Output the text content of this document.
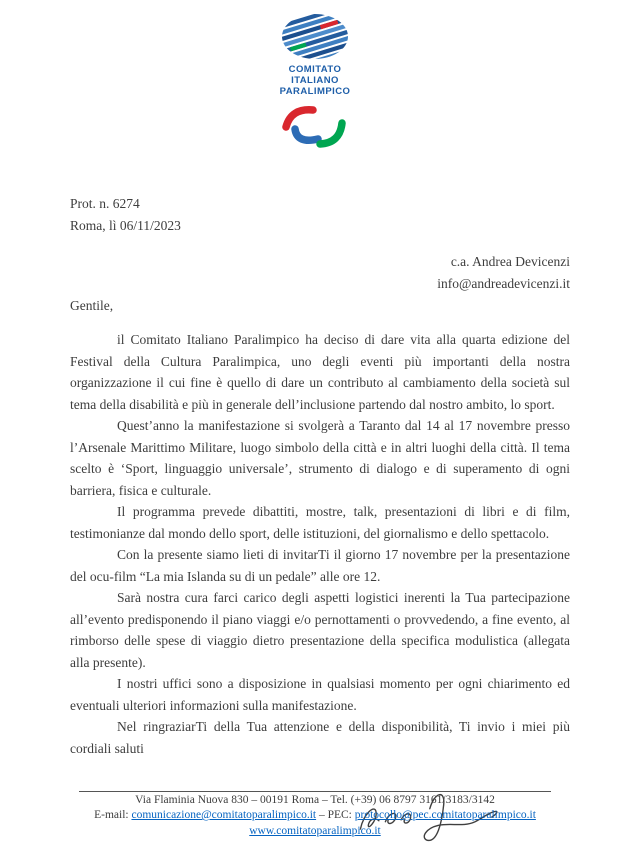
COMITATO
ITALIANO
PARALIMPICO
Prot. n. 6274
Roma, lì 06/11/2023
c.a. Andrea Devicenzi
info@andreadevicenzi.it
Gentile,

il Comitato Italiano Paralimpico ha deciso di dare vita alla quarta edizione del Festival della Cultura Paralimpica, uno degli eventi più importanti della nostra organizzazione il cui fine è quello di dare un contributo al cambiamento della società sul tema della disabilità e più in generale dell’inclusione partendo dal nostro ambito, lo sport.

Quest’anno la manifestazione si svolgerà a Taranto dal 14 al 17 novembre presso l’Arsenale Marittimo Militare, luogo simbolo della città e in altri luoghi della città. Il tema scelto è ‘Sport, linguaggio universale’, strumento di dialogo e di superamento di ogni barriera, fisica e culturale.

Il programma prevede dibattiti, mostre, talk, presentazioni di libri e di film, testimonianze dal mondo dello sport, delle istituzioni, del giornalismo e dello spettacolo.

Con la presente siamo lieti di invitarTi il giorno 17 novembre per la presentazione del ocu-film “La mia Islanda su di un pedale” alle ore 12.

Sarà nostra cura farci carico degli aspetti logistici inerenti la Tua partecipazione all’evento predisponendo il piano viaggi e/o pernottamenti o provvedendo, a fine evento, al rimborso delle spese di viaggio dietro presentazione della specifica modulistica (allegata alla presente).

I nostri uffici sono a disposizione in qualsiasi momento per ogni chiarimento ed eventuali ulteriori informazioni sulla manifestazione.

Nel ringraziarTi della Tua attenzione e della disponibilità, Ti invio i miei più cordiali saluti

Via Flaminia Nuova 830 – 00191 Roma – Tel. (+39) 06 8797 3161/3183/3142
E-mail: comunicazione@comitatoparalimpico.it – PEC: protocollo@pec.comitatoparalimpico.it
www.comitatoparalimpico.it
